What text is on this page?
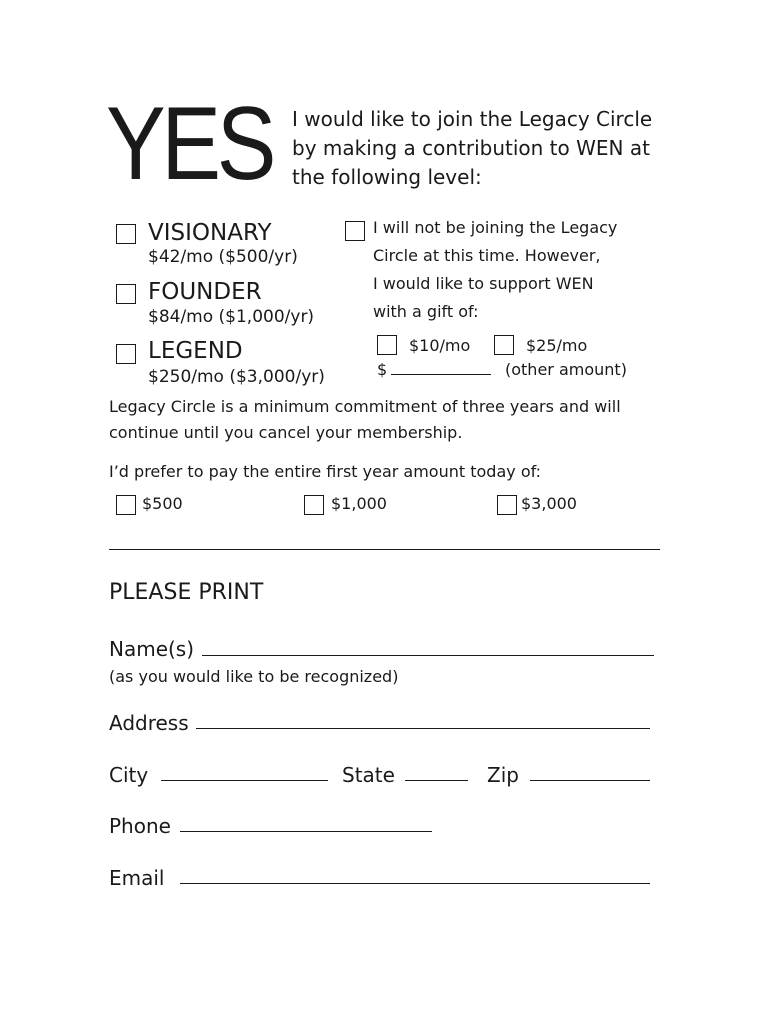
YES I would like to join the Legacy Circle
by making a contribution to WEN at
the following level:
VISIONARY
$42/mo ($500/yr)
FOUNDER
$84/mo ($1,000/yr)
LEGEND
$250/mo ($3,000/yr)
I will not be joining the Legacy
Circle at this time. However,
I would like to support WEN
with a gift of:
$10/mo	$25/mo
$	(other amount)
Legacy Circle is a minimum commitment of three years and will
continue until you cancel your membership.
I’d prefer to pay the entire first year amount today of:
$500	$1,000	$3,000
PLEASE PRINT
Name(s)
(as you would like to be recognized)
Address
City	State	Zip
Phone
Email
